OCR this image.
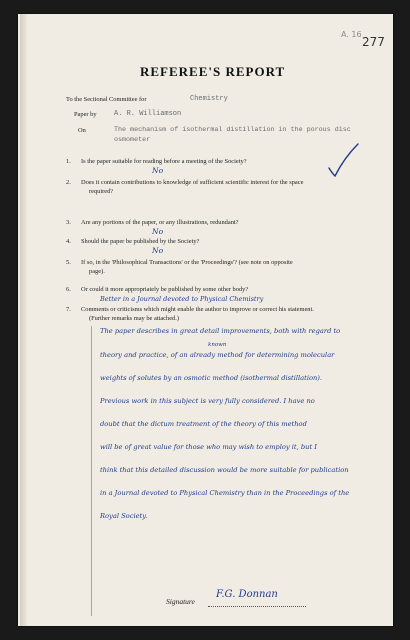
A. 16
277
REFEREE'S REPORT
To the Sectional Committee for	Chemistry
Paper by A. R. Williamson
On	The mechanism of isothermal distillation in the porous disc
osmometer
1. Is the paper suitable for reading before a meeting of the Society?
No
2. Does it contain contributions to knowledge of sufficient scientific interest for the space
required?
3. Are any portions of the paper, or any illustrations, redundant?
No
4. Should the paper be published by the Society?
No
5. If so, in the 'Philosophical Transactions' or the 'Proceedings'? (see note on opposite
page).
6. Or could it more appropriately be published by some other body?
Better in a Journal devoted to Physical Chemistry
7. Comments or criticisms which might enable the author to improve or correct his statement.
(Further remarks may be attached.)
The paper describes in great detail improvements, both with regard to
known
theory and practice, of an already method for determining molecular
weights of solutes by an osmotic method (isothermal distillation).
Previous work in this subject is very fully considered. I have no
doubt that the dictum treatment of the theory of this method
will be of great value for those who may wish to employ it, but I
think that this detailed discussion would be more suitable for publication
in a Journal devoted to Physical Chemistry than in the Proceedings of the
Royal Society.
Signature
F.G. Donnan
